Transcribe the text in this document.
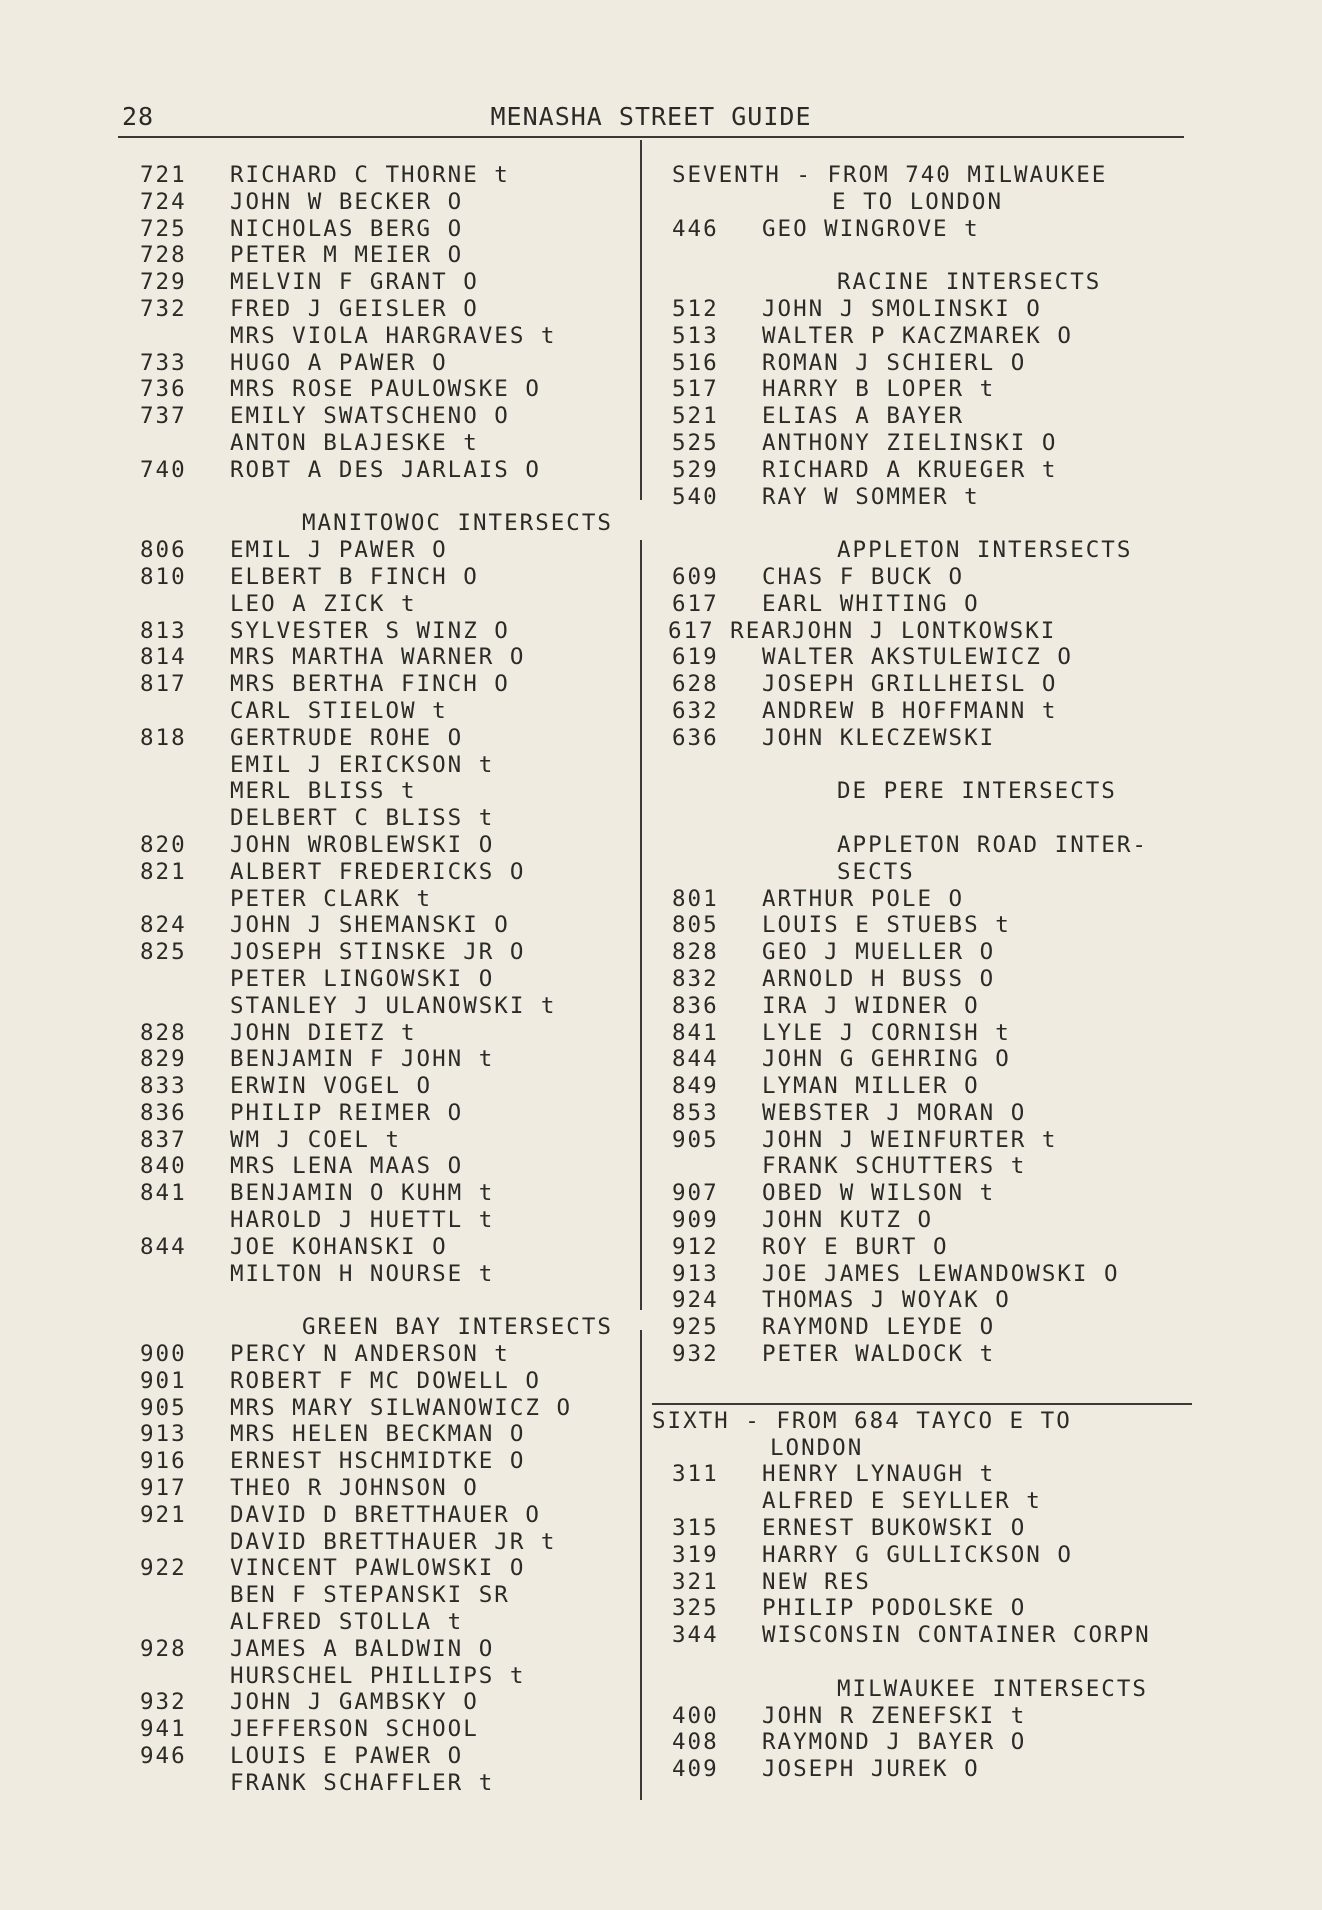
28	MENASHA STREET GUIDE
721 RICHARD C THORNE t
724 JOHN W BECKER O
725 NICHOLAS BERG O
728 PETER M MEIER O
729 MELVIN F GRANT O
732 FRED J GEISLER O
MRS VIOLA HARGRAVES t
733 HUGO A PAWER O
736 MRS ROSE PAULOWSKE O
737 EMILY SWATSCHENO O
ANTON BLAJESKE t
740 ROBT A DES JARLAIS O
MANITOWOC INTERSECTS
806 EMIL J PAWER O
810 ELBERT B FINCH O
LEO A ZICK t
813 SYLVESTER S WINZ O
814 MRS MARTHA WARNER O
817 MRS BERTHA FINCH O
CARL STIELOW t
818 GERTRUDE ROHE O
EMIL J ERICKSON t
MERL BLISS t
DELBERT C BLISS t
820 JOHN WROBLEWSKI O
821 ALBERT FREDERICKS O
PETER CLARK t
824 JOHN J SHEMANSKI O
825 JOSEPH STINSKE JR O
PETER LINGOWSKI O
STANLEY J ULANOWSKI t
828 JOHN DIETZ t
829 BENJAMIN F JOHN t
833 ERWIN VOGEL O
836 PHILIP REIMER O
837 WM J COEL t
840 MRS LENA MAAS O
841 BENJAMIN O KUHM t
HAROLD J HUETTL t
844 JOE KOHANSKI O
MILTON H NOURSE t
GREEN BAY INTERSECTS
900 PERCY N ANDERSON t
901 ROBERT F MC DOWELL O
905 MRS MARY SILWANOWICZ O
913 MRS HELEN BECKMAN O
916 ERNEST HSCHMIDTKE O
917 THEO R JOHNSON O
921 DAVID D BRETTHAUER O
DAVID BRETTHAUER JR t
922 VINCENT PAWLOWSKI O
BEN F STEPANSKI SR
ALFRED STOLLA t
928 JAMES A BALDWIN O
HURSCHEL PHILLIPS t
932 JOHN J GAMBSKY O
941 JEFFERSON SCHOOL
946 LOUIS E PAWER O
FRANK SCHAFFLER t
SEVENTH - FROM 740 MILWAUKEE
E TO LONDON
446 GEO WINGROVE t
RACINE INTERSECTS
512 JOHN J SMOLINSKI O
513 WALTER P KACZMAREK O
516 ROMAN J SCHIERL O
517 HARRY B LOPER t
521 ELIAS A BAYER
525 ANTHONY ZIELINSKI O
529 RICHARD A KRUEGER t
540 RAY W SOMMER t
APPLETON INTERSECTS
609 CHAS F BUCK O
617 EARL WHITING O
617 REAR JOHN J LONTKOWSKI
619 WALTER AKSTULEWICZ O
628 JOSEPH GRILLHEISL O
632 ANDREW B HOFFMANN t
636 JOHN KLECZEWSKI
DE PERE INTERSECTS
APPLETON ROAD INTER-
SECTS
801 ARTHUR POLE O
805 LOUIS E STUEBS t
828 GEO J MUELLER O
832 ARNOLD H BUSS O
836 IRA J WIDNER O
841 LYLE J CORNISH t
844 JOHN G GEHRING O
849 LYMAN MILLER O
853 WEBSTER J MORAN O
905 JOHN J WEINFURTER t
FRANK SCHUTTERS t
907 OBED W WILSON t
909 JOHN KUTZ O
912 ROY E BURT O
913 JOE JAMES LEWANDOWSKI O
924 THOMAS J WOYAK O
925 RAYMOND LEYDE O
932 PETER WALDOCK t
SIXTH - FROM 684 TAYCO E TO
LONDON
311 HENRY LYNAUGH t
ALFRED E SEYLLER t
315 ERNEST BUKOWSKI O
319 HARRY G GULLICKSON O
321 NEW RES
325 PHILIP PODOLSKE O
344 WISCONSIN CONTAINER CORPN
MILWAUKEE INTERSECTS
400 JOHN R ZENEFSKI t
408 RAYMOND J BAYER O
409 JOSEPH JUREK O
